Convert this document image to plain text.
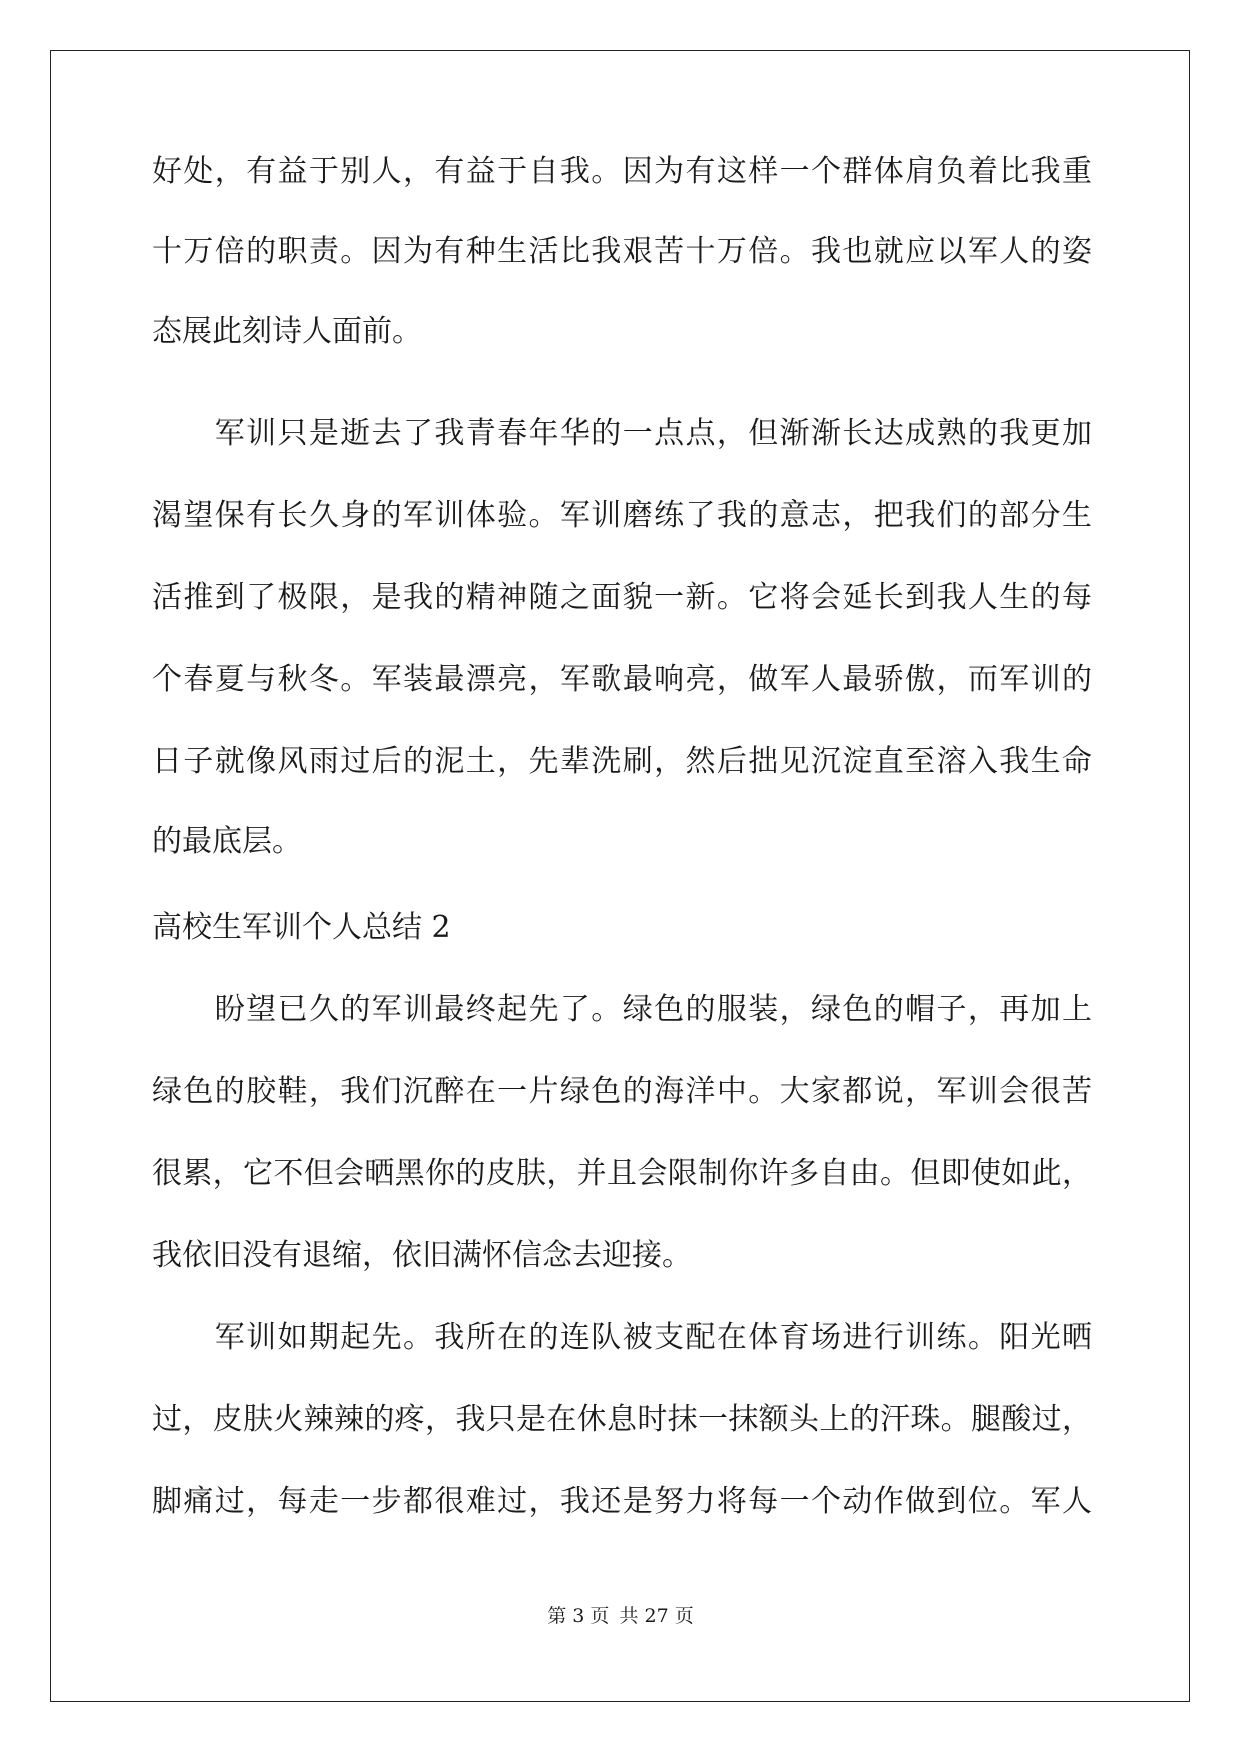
好处，有益于别人，有益于自我。因为有这样一个群体肩负着比我重
十万倍的职责。因为有种生活比我艰苦十万倍。我也就应以军人的姿
态展此刻诗人面前。
　　军训只是逝去了我青春年华的一点点，但渐渐长达成熟的我更加
渴望保有长久身的军训体验。军训磨练了我的意志，把我们的部分生
活推到了极限，是我的精神随之面貌一新。它将会延长到我人生的每
个春夏与秋冬。军装最漂亮，军歌最响亮，做军人最骄傲，而军训的
日子就像风雨过后的泥土，先辈洗刷，然后拙见沉淀直至溶入我生命
的最底层。
高校生军训个人总结 2
　　盼望已久的军训最终起先了。绿色的服装，绿色的帽子，再加上
绿色的胶鞋，我们沉醉在一片绿色的海洋中。大家都说，军训会很苦
很累，它不但会晒黑你的皮肤，并且会限制你许多自由。但即使如此，
我依旧没有退缩，依旧满怀信念去迎接。
　　军训如期起先。我所在的连队被支配在体育场进行训练。阳光晒
过，皮肤火辣辣的疼，我只是在休息时抹一抹额头上的汗珠。腿酸过，
脚痛过，每走一步都很难过，我还是努力将每一个动作做到位。军人
第 3 页 共 27 页
